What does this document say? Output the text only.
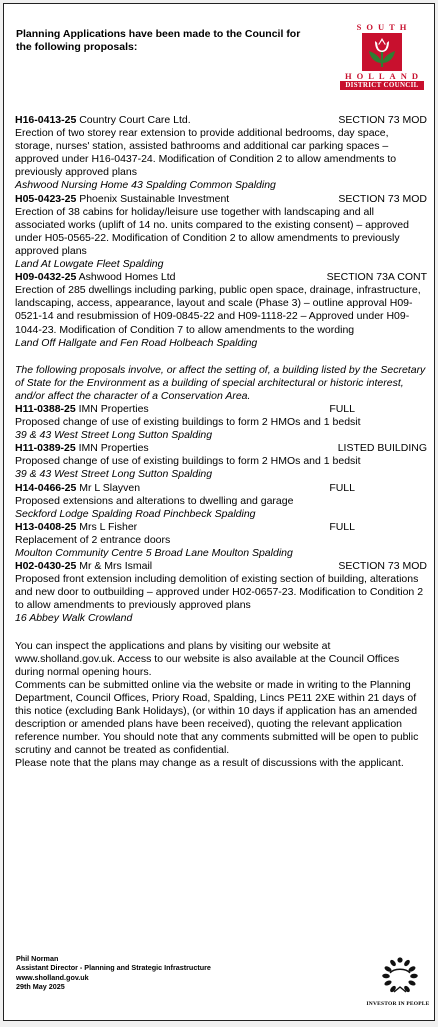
Planning Applications have been made to the Council for the following proposals:
SOUTH
HOLLAND
DISTRICT COUNCIL
H16-0413-25 Country Court Care Ltd.	SECTION 73 MOD

Erection of two storey rear extension to provide additional bedrooms, day space, storage, nurses' station, assisted bathrooms and additional car parking spaces – approved under H16-0437-24. Modification of Condition 2 to allow amendments to previously approved plans

Ashwood Nursing Home 43 Spalding Common Spalding

H05-0423-25 Phoenix Sustainable Investment	SECTION 73 MOD

Erection of 38 cabins for holiday/leisure use together with landscaping and all associated works (uplift of 14 no. units compared to the existing consent) – approved under H05-0565-22. Modification of Condition 2 to allow amendments to previously approved plans

Land At Lowgate Fleet Spalding

H09-0432-25 Ashwood Homes Ltd	SECTION 73A CONT

Erection of 285 dwellings including parking, public open space, drainage, infrastructure, landscaping, access, appearance, layout and scale (Phase 3) – outline approval H09-0521-14 and resubmission of H09-0845-22 and H09-1118-22 – Approved under H09-1044-23. Modification of Condition 7 to allow amendments to the wording

Land Off Hallgate and Fen Road Holbeach Spalding

The following proposals involve, or affect the setting of, a building listed by the Secretary of State for the Environment as a building of special architectural or historic interest, and/or affect the character of a Conservation Area.

H11-0388-25 IMN Properties	FULL

Proposed change of use of existing buildings to form 2 HMOs and 1 bedsit

39 & 43 West Street Long Sutton Spalding

H11-0389-25 IMN Properties	LISTED BUILDING

Proposed change of use of existing buildings to form 2 HMOs and 1 bedsit

39 & 43 West Street Long Sutton Spalding

H14-0466-25 Mr L Slayven	FULL

Proposed extensions and alterations to dwelling and garage

Seckford Lodge Spalding Road Pinchbeck Spalding

H13-0408-25 Mrs L Fisher	FULL

Replacement of 2 entrance doors

Moulton Community Centre 5 Broad Lane Moulton Spalding

H02-0430-25 Mr & Mrs Ismail	SECTION 73 MOD

Proposed front extension including demolition of existing section of building, alterations and new door to outbuilding – approved under H02-0657-23. Modification to Condition 2 to allow amendments to previously approved plans

16 Abbey Walk Crowland

You can inspect the applications and plans by visiting our website at www.sholland.gov.uk. Access to our website is also available at the Council Offices during normal opening hours.

Comments can be submitted online via the website or made in writing to the Planning Department, Council Offices, Priory Road, Spalding, Lincs PE11 2XE within 21 days of this notice (excluding Bank Holidays), (or within 10 days if application has an amended description or amended plans have been received), quoting the relevant application reference number. You should note that any comments submitted will be open to public scrutiny and cannot be treated as confidential.

Please note that the plans may change as a result of discussions with the applicant.

Phil Norman
Assistant Director - Planning and Strategic Infrastructure
www.sholland.gov.uk
29th May 2025
INVESTOR IN PEOPLE
